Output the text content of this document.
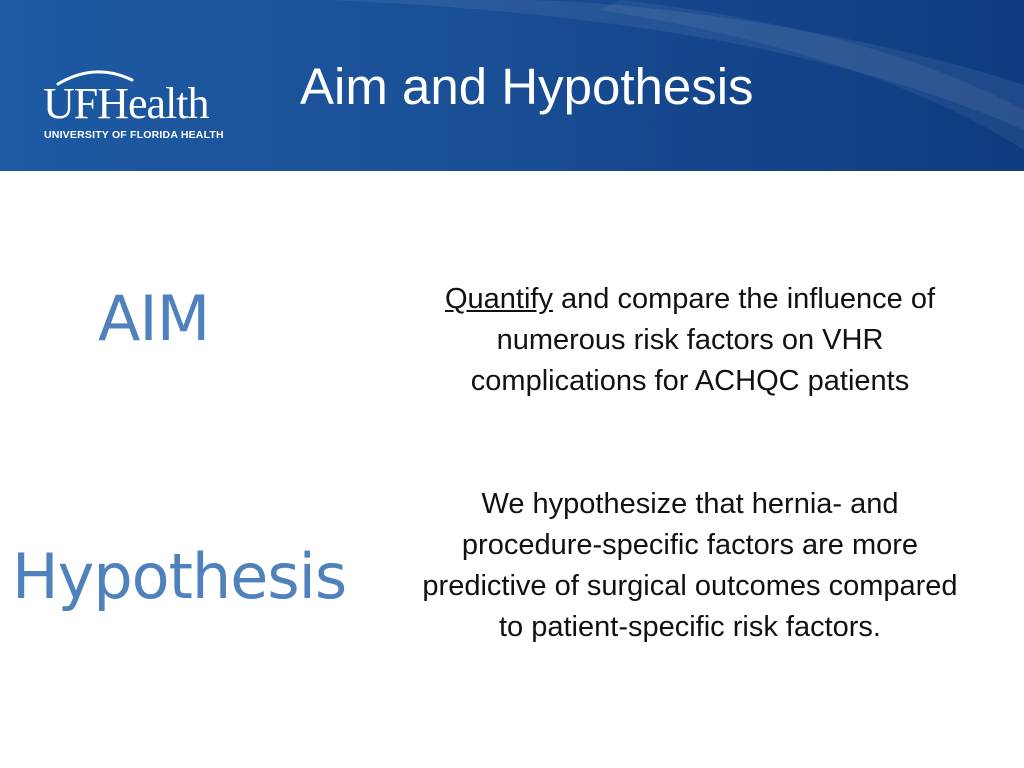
UFHealth
UNIVERSITY OF FLORIDA HEALTH
Aim and Hypothesis
AIM	Quantify and compare the influence of
numerous risk factors on VHR
complications for ACHQC patients
Hypothesis
We hypothesize that hernia- and
procedure-specific factors are more
predictive of surgical outcomes compared
to patient-specific risk factors.
